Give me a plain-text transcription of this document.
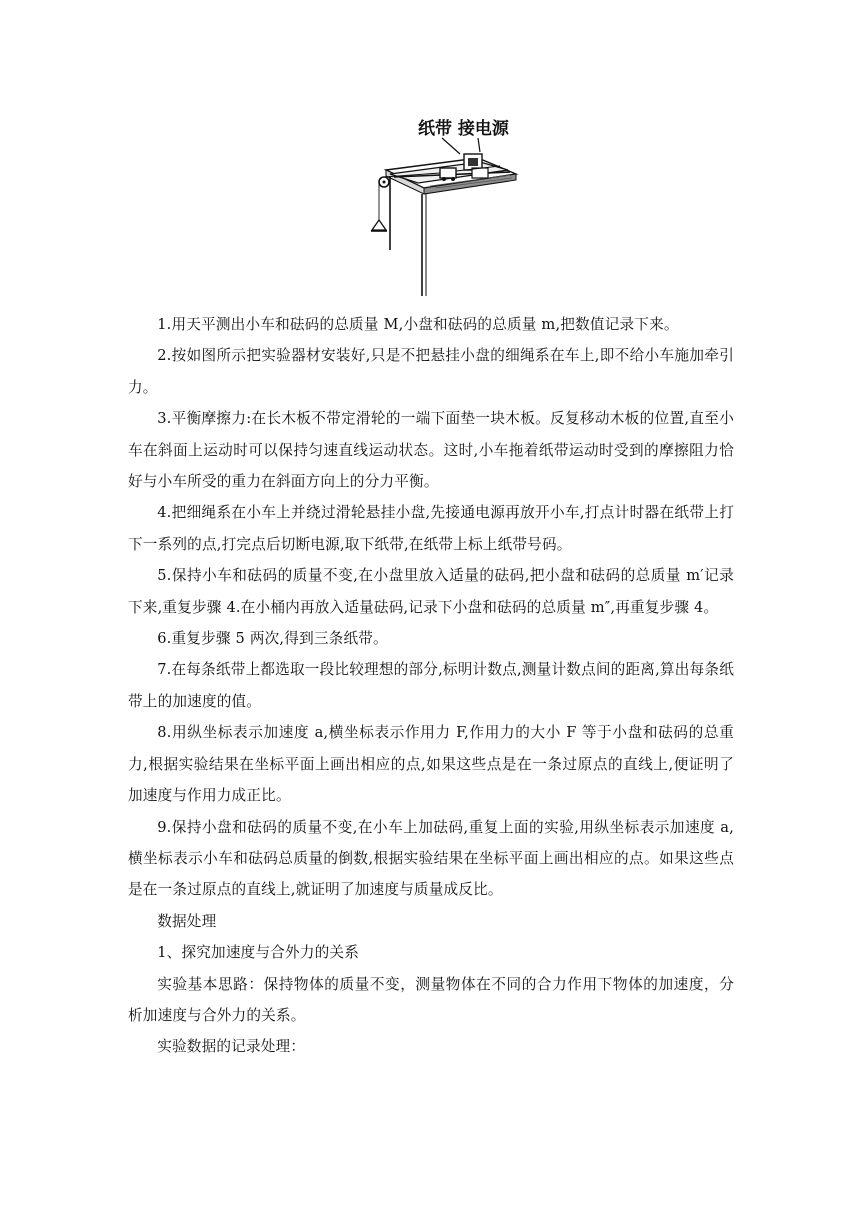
纸带 接电源

1.用天平测出小车和砝码的总质量 M,小盘和砝码的总质量 m,把数值记录下来。

2.按如图所示把实验器材安装好,只是不把悬挂小盘的细绳系在车上,即不给小车施加牵引力。

3.平衡摩擦力:在长木板不带定滑轮的一端下面垫一块木板。反复移动木板的位置,直至小车在斜面上运动时可以保持匀速直线运动状态。这时,小车拖着纸带运动时受到的摩擦阻力恰好与小车所受的重力在斜面方向上的分力平衡。

4.把细绳系在小车上并绕过滑轮悬挂小盘,先接通电源再放开小车,打点计时器在纸带上打下一系列的点,打完点后切断电源,取下纸带,在纸带上标上纸带号码。

5.保持小车和砝码的质量不变,在小盘里放入适量的砝码,把小盘和砝码的总质量 m′记录下来,重复步骤 4.在小桶内再放入适量砝码,记录下小盘和砝码的总质量 m″,再重复步骤 4。

6.重复步骤 5 两次,得到三条纸带。

7.在每条纸带上都选取一段比较理想的部分,标明计数点,测量计数点间的距离,算出每条纸带上的加速度的值。

8.用纵坐标表示加速度 a,横坐标表示作用力 F,作用力的大小 F 等于小盘和砝码的总重力,根据实验结果在坐标平面上画出相应的点,如果这些点是在一条过原点的直线上,便证明了加速度与作用力成正比。

9.保持小盘和砝码的质量不变,在小车上加砝码,重复上面的实验,用纵坐标表示加速度 a,横坐标表示小车和砝码总质量的倒数,根据实验结果在坐标平面上画出相应的点。如果这些点是在一条过原点的直线上,就证明了加速度与质量成反比。

数据处理

1、探究加速度与合外力的关系

实验基本思路：保持物体的质量不变，测量物体在不同的合力作用下物体的加速度，分析加速度与合外力的关系。

实验数据的记录处理：
